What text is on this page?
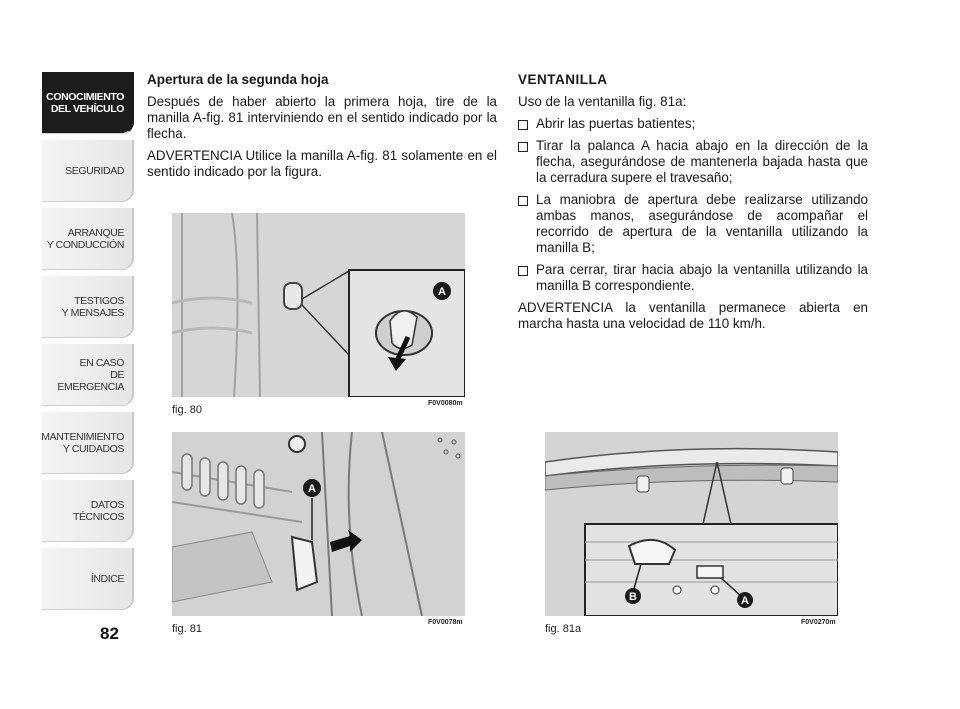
CONOCIMIENTO
DEL VEHÍCULO
SEGURIDAD
ARRANQUE
Y CONDUCCIÓN
TESTIGOS
Y MENSAJES
EN CASO
DE EMERGENCIA
MANTENIMIENTO
Y CUIDADOS
DATOS TÉCNICOS
ÍNDICE
82
Apertura de la segunda hoja

Después de haber abierto la primera hoja, tire de la manilla A-fig. 81 interviniendo en el sentido indicado por la flecha.

ADVERTENCIA Utilice la manilla A-fig. 81 solamente en el sentido indicado por la figura.

VENTANILLA

Uso de la ventanilla fig. 81a:

Abrir las puertas batientes;
Tirar la palanca A hacia abajo en la dirección de la flecha, asegurándose de mantenerla bajada hasta que la cerradura supere el travesaño;
La maniobra de apertura debe realizarse utilizando ambas manos, asegurándose de acompañar el recorrido de apertura de la ventanilla utilizando la manilla B;
Para cerrar, tirar hacia abajo la ventanilla utilizando la manilla B correspondiente.

ADVERTENCIA la ventanilla permanece abierta en marcha hasta una velocidad de 110 km/h.

A
fig. 80
F0V0080m
A
fig. 81
F0V0078m
B	A
fig. 81a
F0V0270m
